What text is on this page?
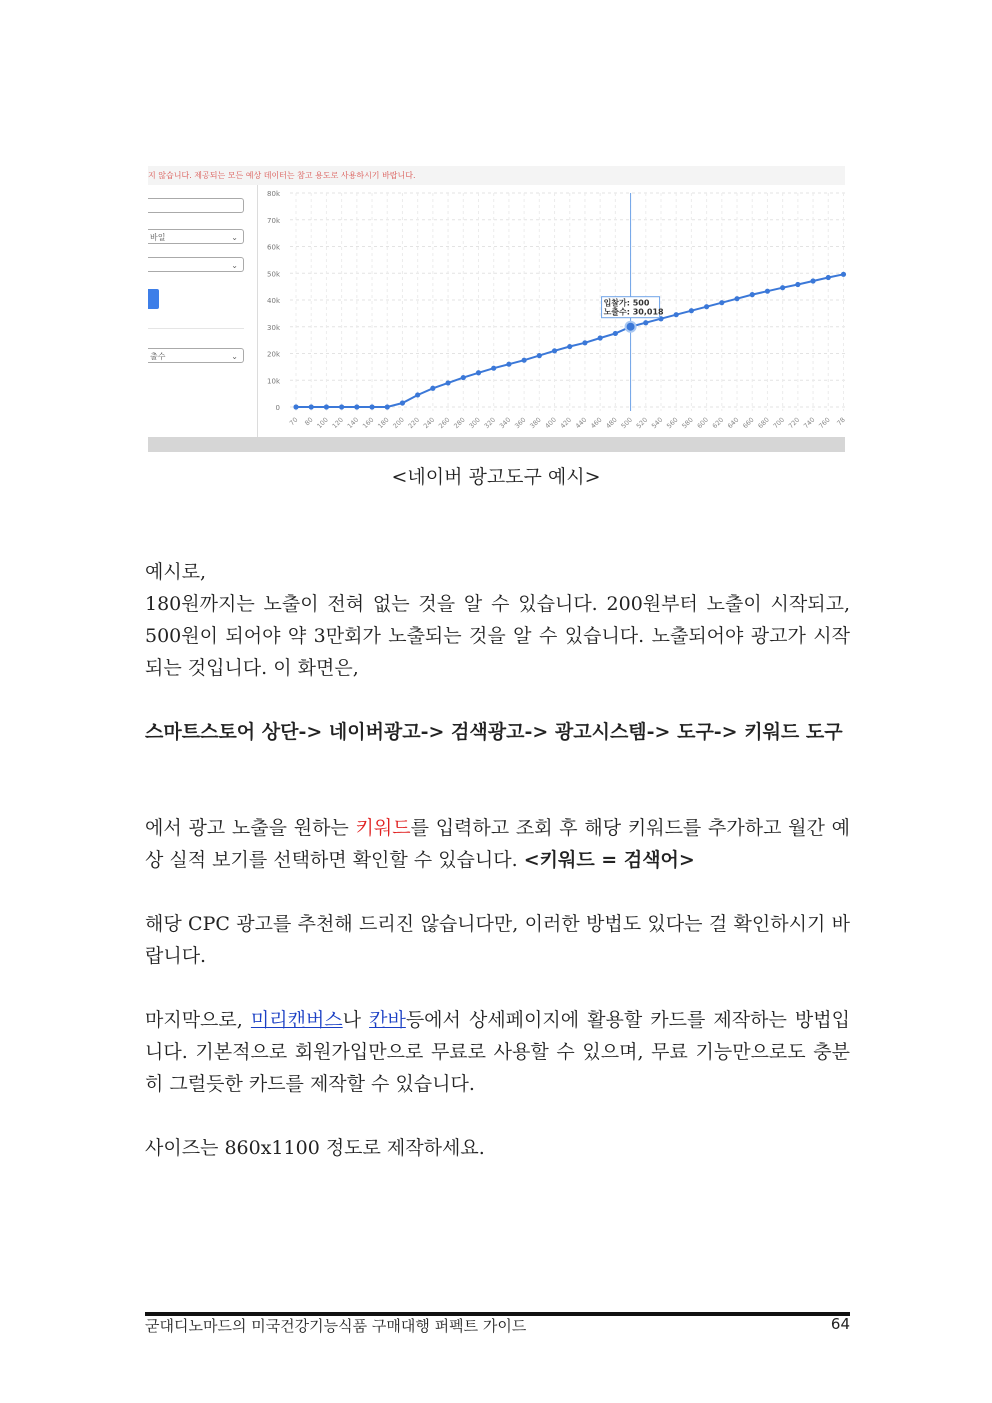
지 않습니다. 제공되는 모든 예상 데이터는 참고 용도로 사용하시기 바랍니다.
바일	⌄
⌄
출수	⌄
80k
70k
60k
50k
40k
30k
20k
10k
0
70 80 100 120 140 160 180 200 220 240 260 280 300 320 340 360 380 400 420 440 460 480 500 520 540 560 580 600 620 640 660 680 700 720 740 760 78
입찰가: 500
노출수: 30,018
<네이버 광고도구 예시>
예시로,
180원까지는 노출이 전혀 없는 것을 알 수 있습니다. 200원부터 노출이 시작되고, 500원이 되어야 약 3만회가 노출되는 것을 알 수 있습니다. 노출되어야 광고가 시작되는 것입니다. 이 화면은,
스마트스토어 상단-> 네이버광고-> 검색광고-> 광고시스템-> 도구-> 키워드 도구
에서 광고 노출을 원하는 키워드를 입력하고 조회 후 해당 키워드를 추가하고 월간 예상 실적 보기를 선택하면 확인할 수 있습니다. <키워드 = 검색어>
해당 CPC 광고를 추천해 드리진 않습니다만, 이러한 방법도 있다는 걸 확인하시기 바랍니다.
마지막으로, 미리캔버스나 칸바등에서 상세페이지에 활용할 카드를 제작하는 방법입니다. 기본적으로 회원가입만으로 무료로 사용할 수 있으며, 무료 기능만으로도 충분히 그럴듯한 카드를 제작할 수 있습니다.
사이즈는 860x1100 정도로 제작하세요.
굳대디노마드의 미국건강기능식품 구매대행 퍼펙트 가이드	64
